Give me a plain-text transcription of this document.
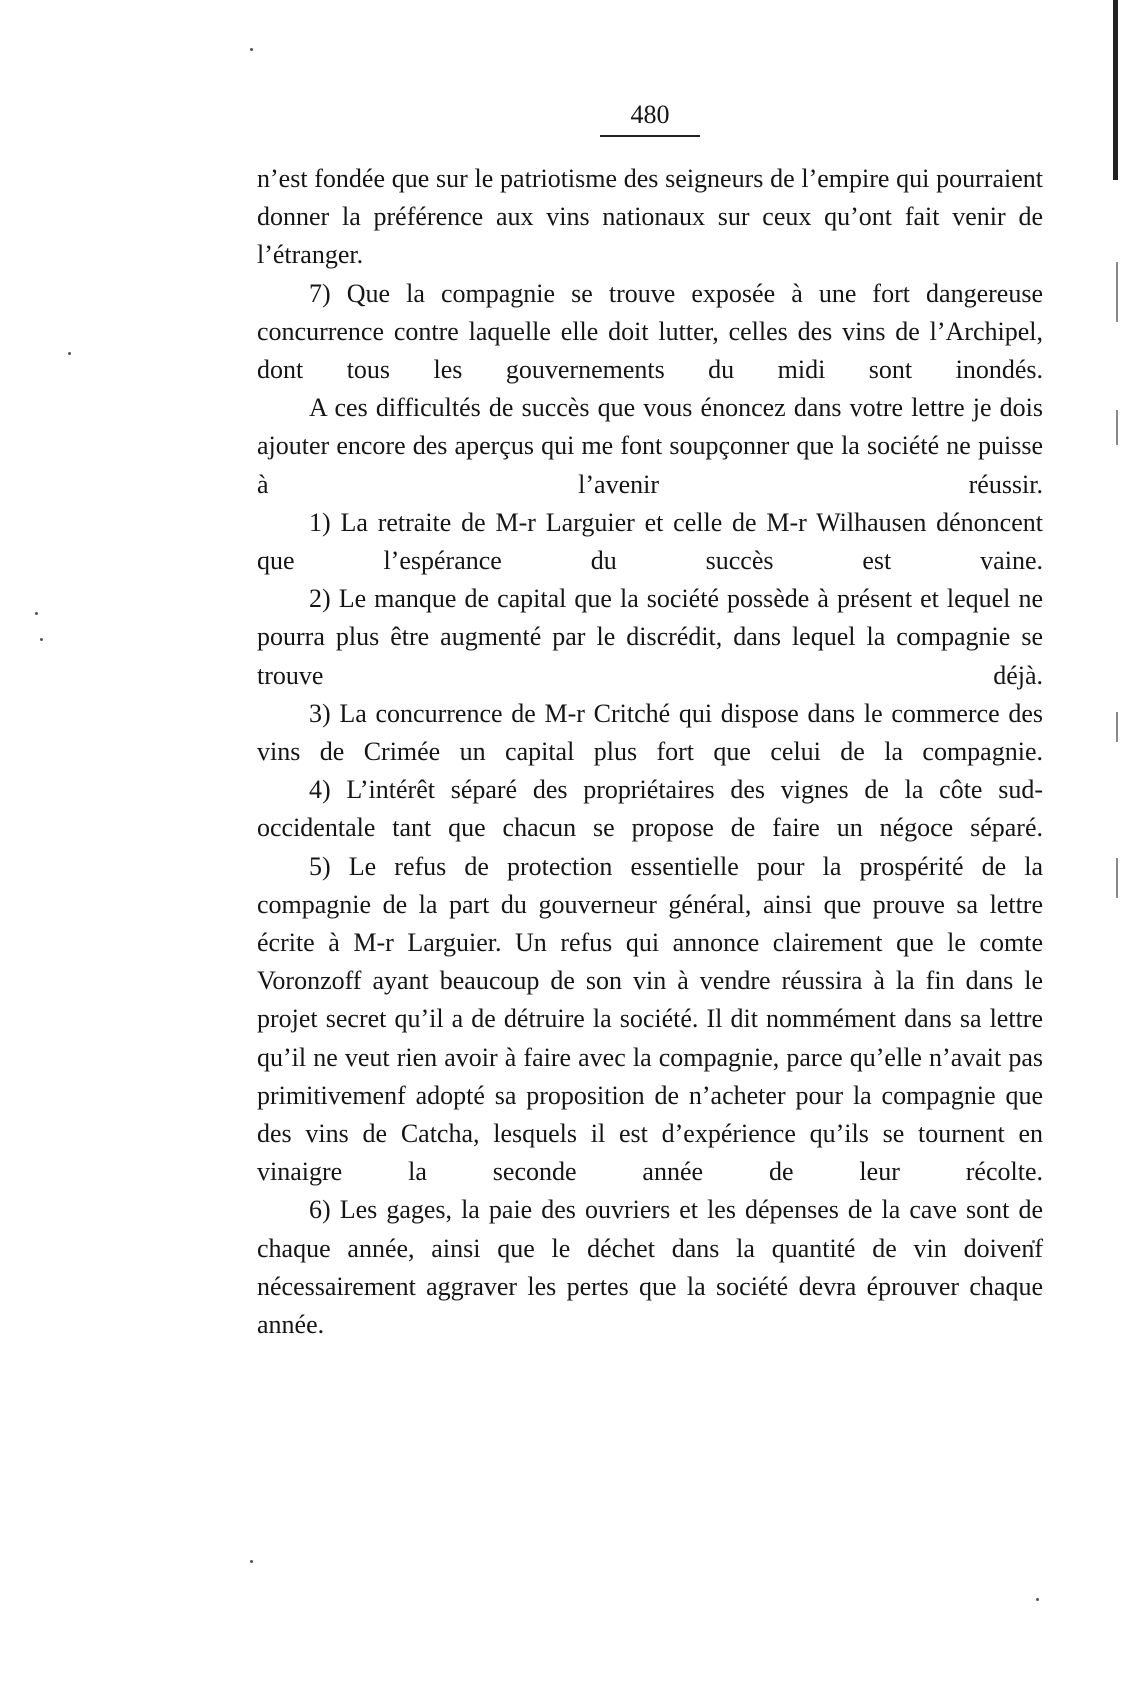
480

n’est fondée que sur le patriotisme des seigneurs de l’empire qui pourraient donner la préférence aux vins nationaux sur ceux qu’ont fait venir de l’étranger.

7) Que la compagnie se trouve exposée à une fort dangereuse concurrence contre laquelle elle doit lutter, celles des vins de l’Archipel, dont tous les gouvernements du midi sont inondés.

A ces difficultés de succès que vous énoncez dans votre lettre je dois ajouter encore des aperçus qui me font soupçonner que la société ne puisse à l’avenir réussir.

1) La retraite de M-r Larguier et celle de M-r Wilhausen dénoncent que l’espérance du succès est vaine.

2) Le manque de capital que la société possède à présent et lequel ne pourra plus être augmenté par le discrédit, dans lequel la compagnie se trouve déjà.

3) La concurrence de M-r Critché qui dispose dans le commerce des vins de Crimée un capital plus fort que celui de la compagnie.

4) L’intérêt séparé des propriétaires des vignes de la côte sud-occidentale tant que chacun se propose de faire un négoce séparé.

5) Le refus de protection essentielle pour la prospérité de la compagnie de la part du gouverneur général, ainsi que prouve sa lettre écrite à M-r Larguier. Un refus qui annonce clairement que le comte Voronzoff ayant beaucoup de son vin à vendre réussira à la fin dans le projet secret qu’il a de détruire la société. Il dit nommément dans sa lettre qu’il ne veut rien avoir à faire avec la compagnie, parce qu’elle n’avait pas primitivemenf adopté sa proposition de n’acheter pour la compagnie que des vins de Catcha, lesquels il est d’expérience qu’ils se tournent en vinaigre la seconde année de leur récolte.

6) Les gages, la paie des ouvriers et les dépenses de la cave sont de chaque année, ainsi que le déchet dans la quantité de vin doivenf nécessairement aggraver les pertes que la société devra éprouver chaque année.
